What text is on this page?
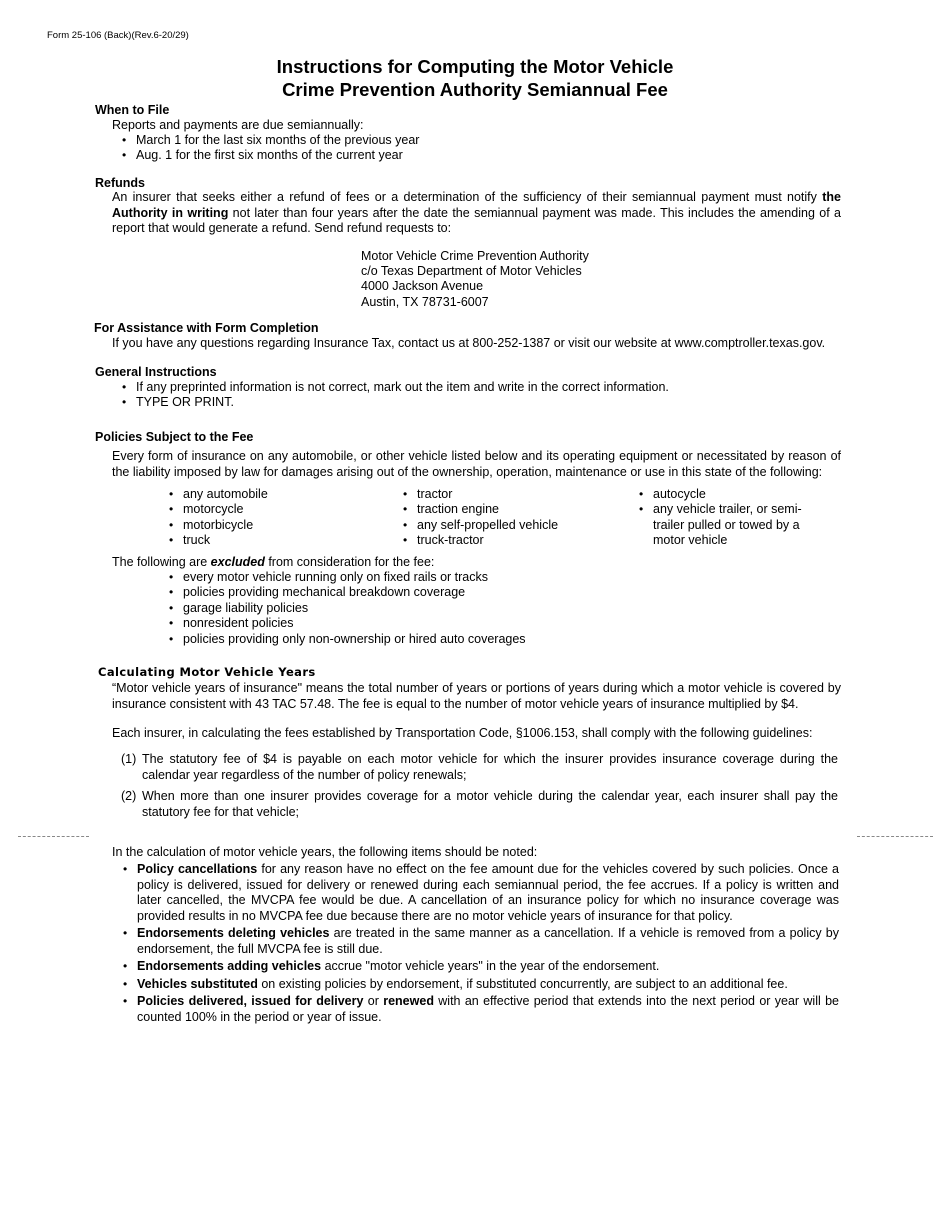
Form 25-106 (Back)(Rev.6-20/29)
Instructions for Computing the Motor Vehicle
Crime Prevention Authority Semiannual Fee
When to File

Reports and payments are due semiannually:

• March 1 for the last six months of the previous year
• Aug. 1 for the first six months of the current year
Refunds

An insurer that seeks either a refund of fees or a determination of the sufficiency of their semiannual payment must notify the Authority in writing not later than four years after the date the semiannual payment was made. This includes the amending of a report that would generate a refund. Send refund requests to:

Motor Vehicle Crime Prevention Authority
c/o Texas Department of Motor Vehicles
4000 Jackson Avenue
Austin, TX 78731-6007
For Assistance with Form Completion

If you have any questions regarding Insurance Tax, contact us at 800-252-1387 or visit our website at www.comptroller.texas.gov.

General Instructions
• If any preprinted information is not correct, mark out the item and write in the correct information.
• TYPE OR PRINT.
Policies Subject to the Fee

Every form of insurance on any automobile, or other vehicle listed below and its operating equipment or necessitated by reason of the liability imposed by law for damages arising out of the ownership, operation, maintenance or use in this state of the following:

• any automobile
• motorcycle
• motorbicycle
• truck
• tractor
• traction engine
• any self-propelled vehicle
• truck-tractor
• autocycle
• any vehicle trailer, or semi-trailer pulled or towed by a motor vehicle

The following are excluded from consideration for the fee:

• every motor vehicle running only on fixed rails or tracks
• policies providing mechanical breakdown coverage
• garage liability policies
• nonresident policies
• policies providing only non-ownership or hired auto coverages
Calculating Motor Vehicle Years

“Motor vehicle years of insurance" means the total number of years or portions of years during which a motor vehicle is covered by insurance consistent with 43 TAC 57.48. The fee is equal to the number of motor vehicle years of insurance multiplied by $4.

Each insurer, in calculating the fees established by Transportation Code, §1006.153, shall comply with the following guidelines:

(1) The statutory fee of $4 is payable on each motor vehicle for which the insurer provides insurance coverage during the calendar year regardless of the number of policy renewals;
(2) When more than one insurer provides coverage for a motor vehicle during the calendar year, each insurer shall pay the statutory fee for that vehicle;

In the calculation of motor vehicle years, the following items should be noted:

• Policy cancellations for any reason have no effect on the fee amount due for the vehicles covered by such policies. Once a policy is delivered, issued for delivery or renewed during each semiannual period, the fee accrues. If a policy is written and later cancelled, the MVCPA fee would be due. A cancellation of an insurance policy for which no insurance coverage was provided results in no MVCPA fee due because there are no motor vehicle years of insurance for that policy.
• Endorsements deleting vehicles are treated in the same manner as a cancellation. If a vehicle is removed from a policy by endorsement, the full MVCPA fee is still due.
• Endorsements adding vehicles accrue "motor vehicle years" in the year of the endorsement.
• Vehicles substituted on existing policies by endorsement, if substituted concurrently, are subject to an additional fee.
• Policies delivered, issued for delivery or renewed with an effective period that extends into the next period or year will be counted 100% in the period or year of issue.
